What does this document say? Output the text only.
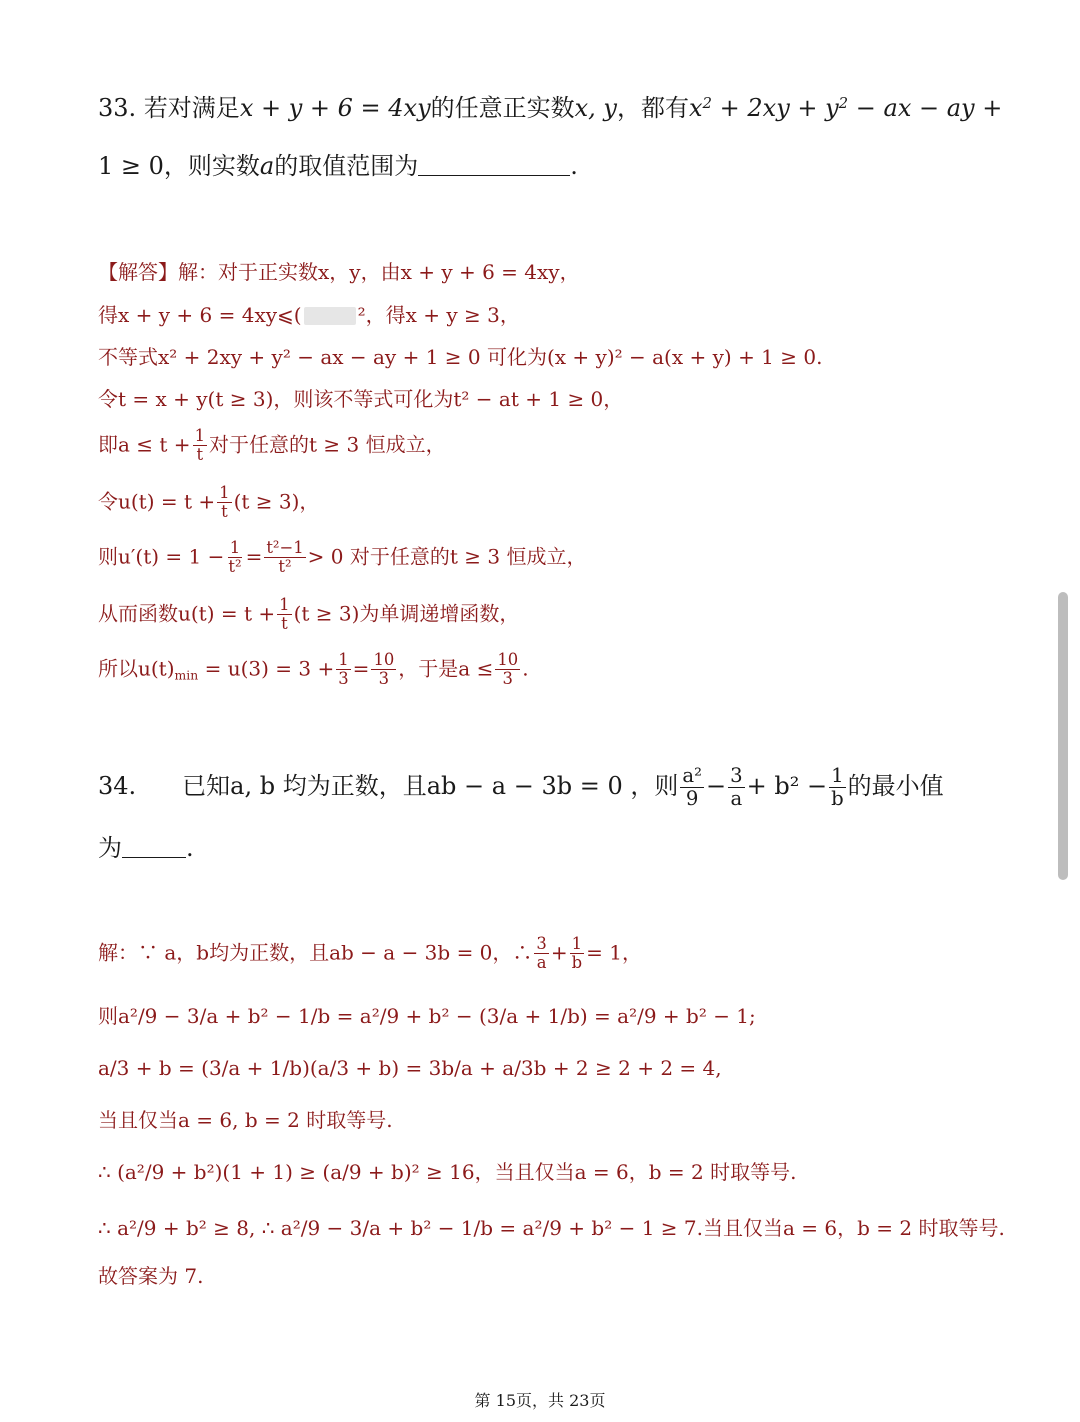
33. 若对满足x + y + 6 = 4xy的任意正实数x, y，都有$x^2 + 2xy + y^2$ − ax − ay +
1 ≥ 0，则实数a的取值范围为	.
【解答】解：对于正实数x，y，由x + y + 6 = 4xy，
得x + y + 6 = 4xy⩽(	²，得x + y ≥ 3，
不等式x² + 2xy + y² − ax − ay + 1 ≥ 0 可化为(x + y)² − a(x + y) + 1 ≥ 0.
令t = x + y(t ≥ 3)，则该不等式可化为t² − at + 1 ≥ 0，
即$a \le t + \frac{1}{t}$ 对于任意的t ≥ 3 恒成立，
令$u(t) = t + \frac{1}{t} (t \ge 3)$，
则$u'(t) = 1 - \frac{1}{\text{t²}} = \frac{\text{t²−1}}{\text{t²}} > 0$ 对于任意的t ≥ 3 恒成立，
从而函数$u(t) = t + \frac{1}{t} (t \ge 3)$为单调递增函数，
所以$u(t)_{min} = u(3) = 3 + \frac{1}{3} = \frac{10}{3}$ ，于是$a \le \frac{10}{3}$ .
34. 已知a, b 均为正数，且ab − a − 3b = 0 ，则 $\frac{\text{a²}}{9} - \frac{3}{a} + b^2 - \frac{1}{b}$ 的最小值
为	.
解：∵ a，b均为正数，且ab − a − 3b = 0，∴ $\frac{3}{a} + \frac{1}{b} = 1$，
则a²/9 − 3/a + b² − 1/b = a²/9 + b² − (3/a + 1/b) = a²/9 + b² − 1;
a/3 + b = (3/a + 1/b)(a/3 + b) = 3b/a + a/3b + 2 ≥ 2 + 2 = 4,
当且仅当a = 6, b = 2 时取等号.
∴ (a²/9 + b²)(1 + 1) ≥ (a/9 + b)² ≥ 16，当且仅当a = 6，b = 2 时取等号.
∴ a²/9 + b² ≥ 8, ∴ a²/9 − 3/a + b² − 1/b = a²/9 + b² − 1 ≥ 7.当且仅当a = 6，b = 2 时取等号.
故答案为 7.
第 15页，共 23页
